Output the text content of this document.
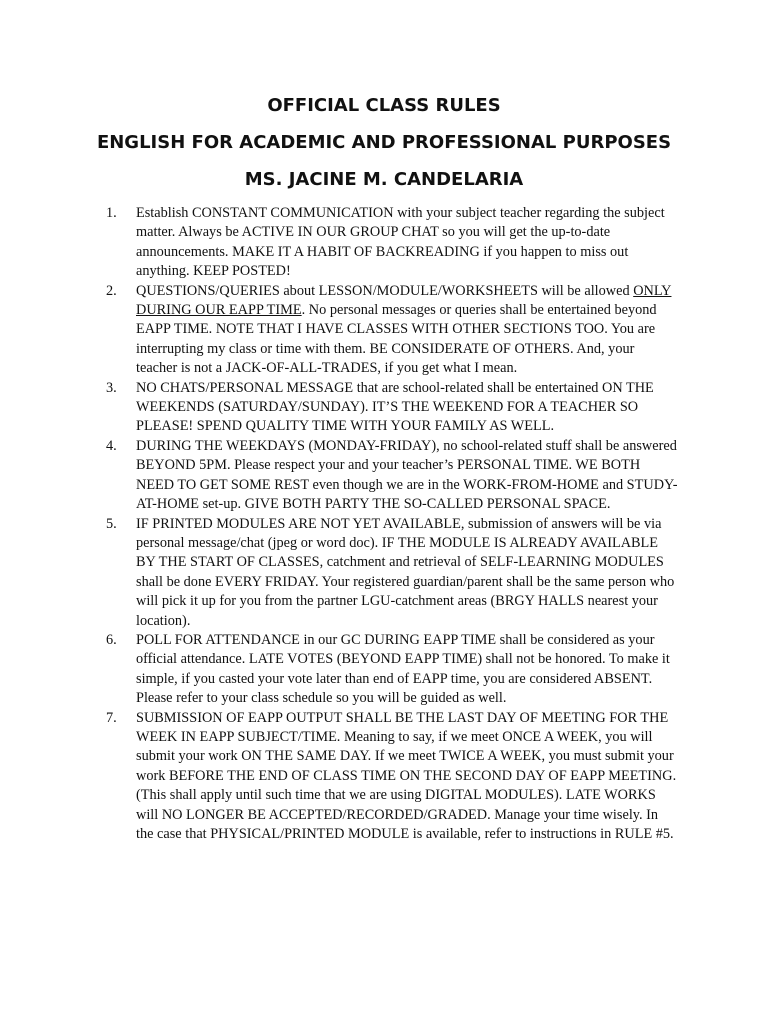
OFFICIAL CLASS RULES
ENGLISH FOR ACADEMIC AND PROFESSIONAL PURPOSES
MS. JACINE M. CANDELARIA
1.	Establish CONSTANT COMMUNICATION with your subject teacher regarding the subject matter. Always be ACTIVE IN OUR GROUP CHAT so you will get the up-to-date announcements. MAKE IT A HABIT OF BACKREADING if you happen to miss out anything. KEEP POSTED!
2.	QUESTIONS/QUERIES about LESSON/MODULE/WORKSHEETS will be allowed ONLY DURING OUR EAPP TIME. No personal messages or queries shall be entertained beyond EAPP TIME. NOTE THAT I HAVE CLASSES WITH OTHER SECTIONS TOO. You are interrupting my class or time with them. BE CONSIDERATE OF OTHERS. And, your teacher is not a JACK-OF-ALL-TRADES, if you get what I mean.
3.	NO CHATS/PERSONAL MESSAGE that are school-related shall be entertained ON THE WEEKENDS (SATURDAY/SUNDAY). IT’S THE WEEKEND FOR A TEACHER SO PLEASE! SPEND QUALITY TIME WITH YOUR FAMILY AS WELL.
4.	DURING THE WEEKDAYS (MONDAY-FRIDAY), no school-related stuff shall be answered BEYOND 5PM. Please respect your and your teacher’s PERSONAL TIME. WE BOTH NEED TO GET SOME REST even though we are in the WORK-FROM-HOME and STUDY-AT-HOME set-up. GIVE BOTH PARTY THE SO-CALLED PERSONAL SPACE.
5.	IF PRINTED MODULES ARE NOT YET AVAILABLE, submission of answers will be via personal message/chat (jpeg or word doc). IF THE MODULE IS ALREADY AVAILABLE BY THE START OF CLASSES, catchment and retrieval of SELF-LEARNING MODULES shall be done EVERY FRIDAY. Your registered guardian/parent shall be the same person who will pick it up for you from the partner LGU-catchment areas (BRGY HALLS nearest your location).
6.	POLL FOR ATTENDANCE in our GC DURING EAPP TIME shall be considered as your official attendance. LATE VOTES (BEYOND EAPP TIME) shall not be honored. To make it simple, if you casted your vote later than end of EAPP time, you are considered ABSENT. Please refer to your class schedule so you will be guided as well.
7.	SUBMISSION OF EAPP OUTPUT SHALL BE THE LAST DAY OF MEETING FOR THE WEEK IN EAPP SUBJECT/TIME. Meaning to say, if we meet ONCE A WEEK, you will submit your work ON THE SAME DAY. If we meet TWICE A WEEK, you must submit your work BEFORE THE END OF CLASS TIME ON THE SECOND DAY OF EAPP MEETING. (This shall apply until such time that we are using DIGITAL MODULES). LATE WORKS will NO LONGER BE ACCEPTED/RECORDED/GRADED. Manage your time wisely. In the case that PHYSICAL/PRINTED MODULE is available, refer to instructions in RULE #5.
